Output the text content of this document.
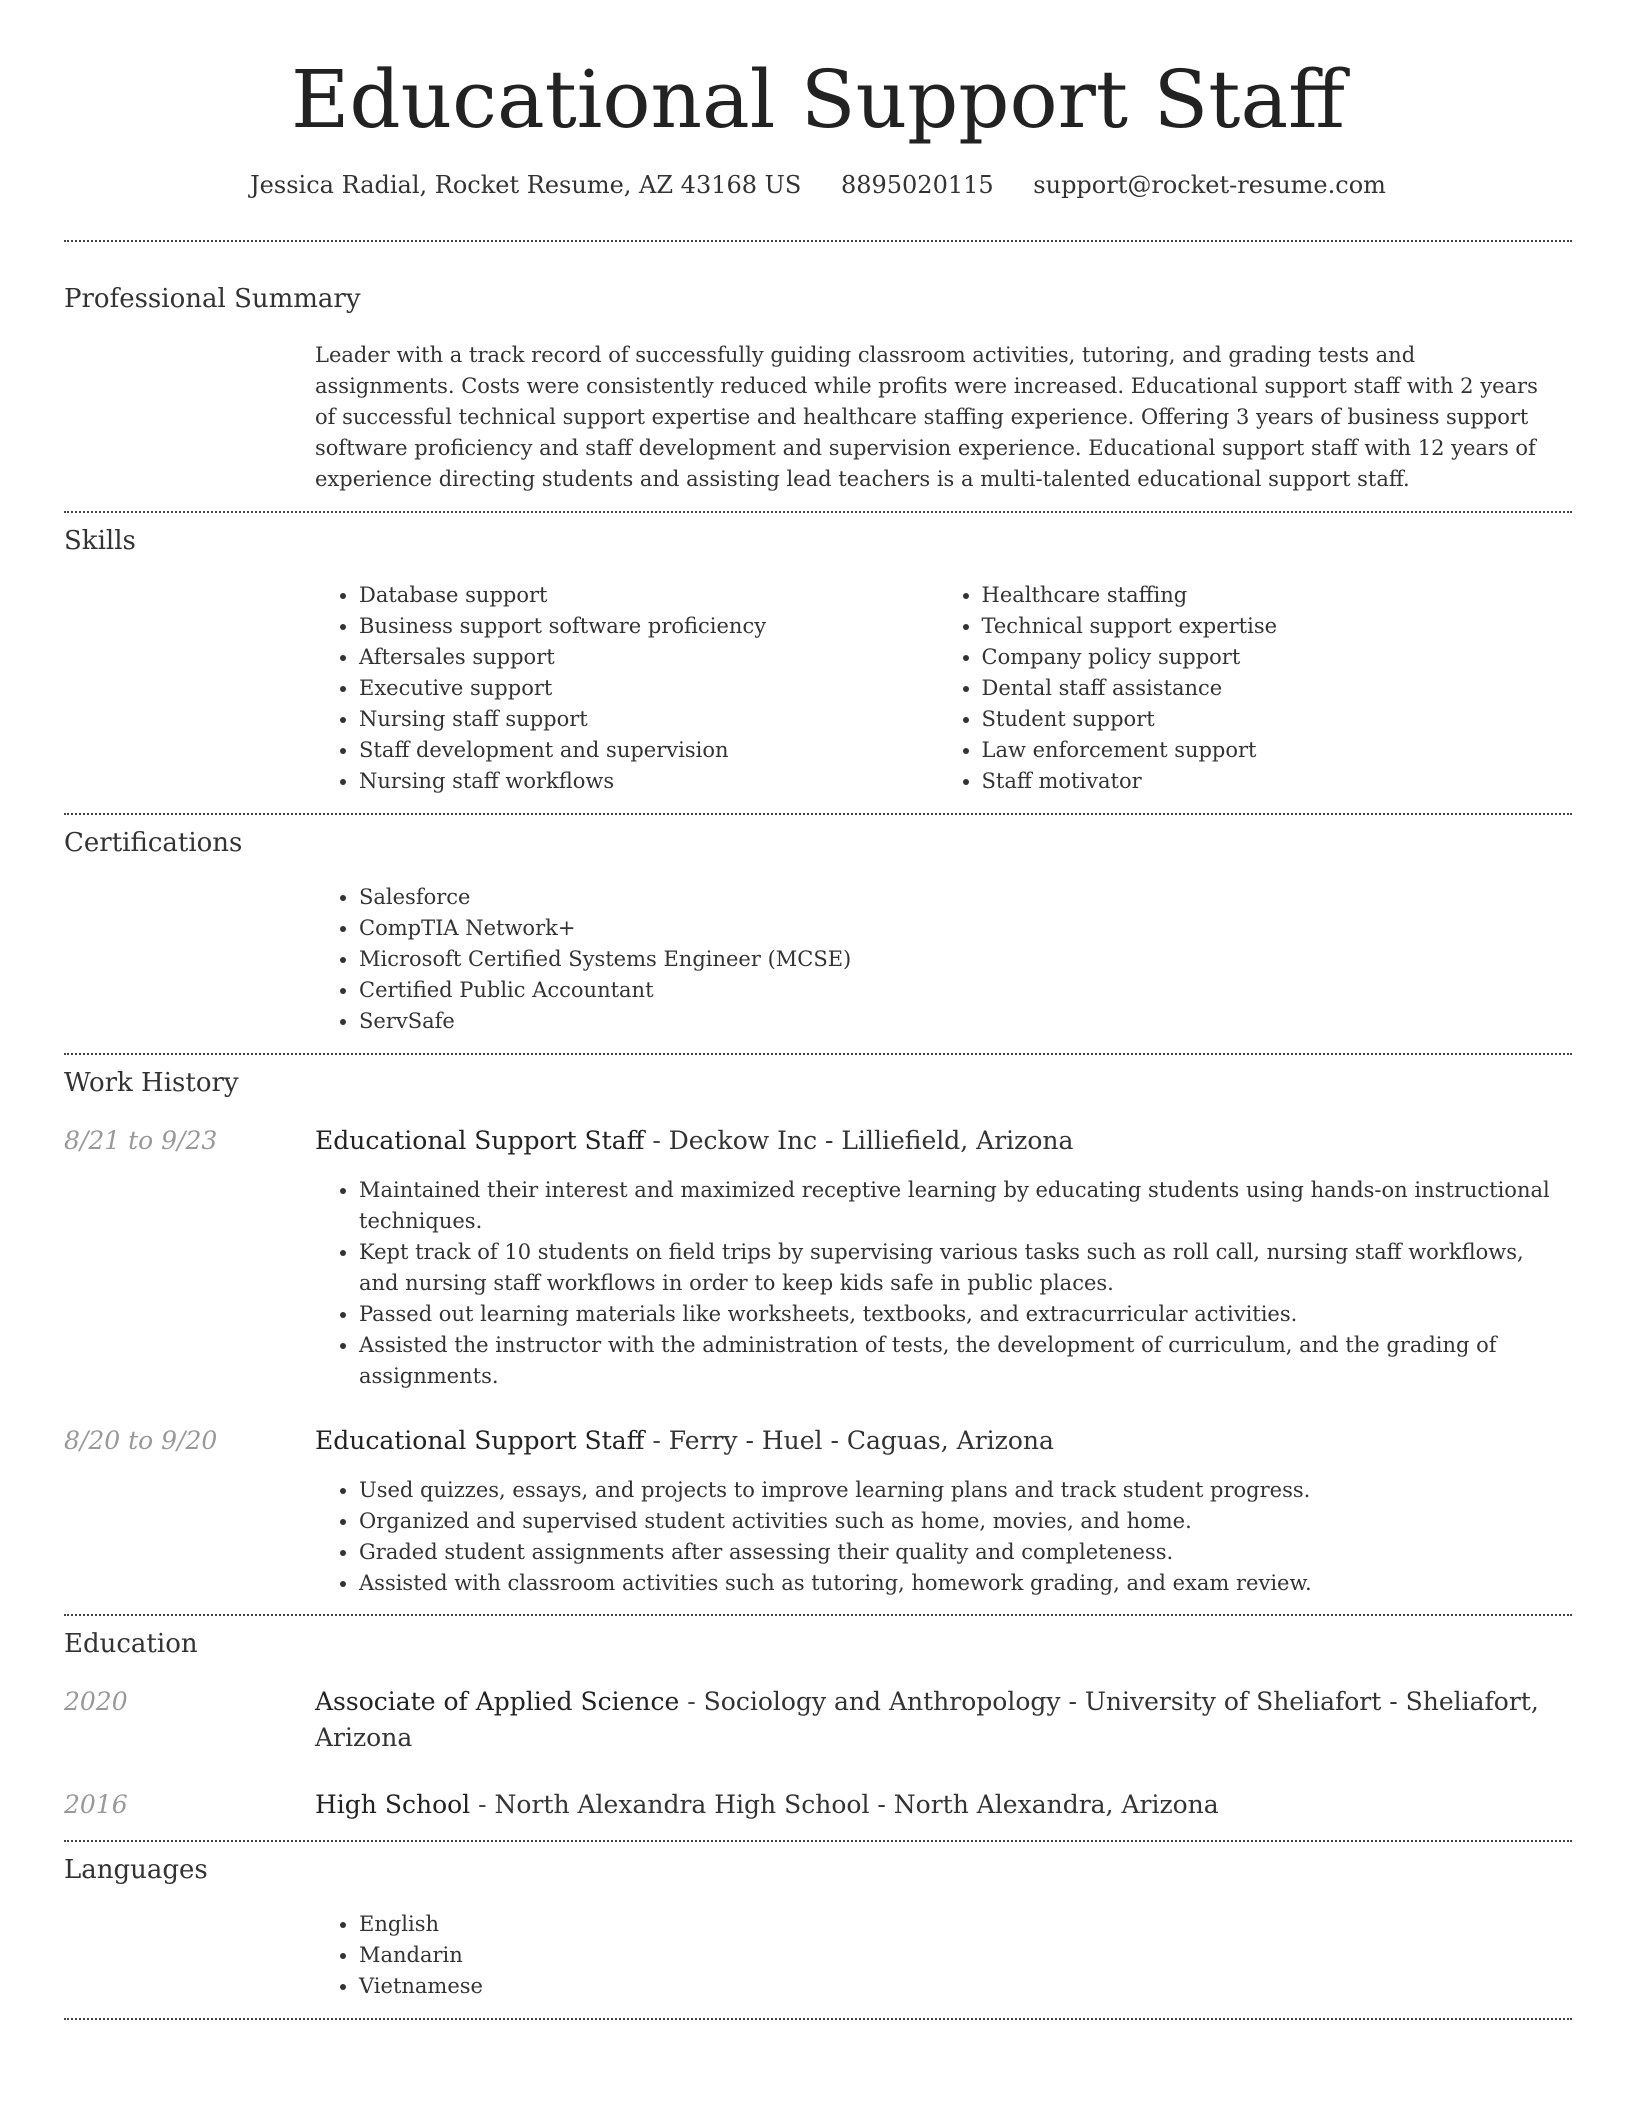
Educational Support Staff
Jessica Radial, Rocket Resume, AZ 43168 US 8895020115 support@rocket-resume.com
Professional Summary

Leader with a track record of successfully guiding classroom activities, tutoring, and grading tests and assignments. Costs were consistently reduced while profits were increased. Educational support staff with 2 years of successful technical support expertise and healthcare staffing experience. Offering 3 years of business support software proficiency and staff development and supervision experience. Educational support staff with 12 years of experience directing students and assisting lead teachers is a multi-talented educational support staff.

Skills
• Database support
• Business support software proficiency
• Aftersales support
• Executive support
• Nursing staff support
• Staff development and supervision
• Nursing staff workflows
• Healthcare staffing
• Technical support expertise
• Company policy support
• Dental staff assistance
• Student support
• Law enforcement support
• Staff motivator
Certifications
• Salesforce
• CompTIA Network+
• Microsoft Certified Systems Engineer (MCSE)
• Certified Public Accountant
• ServSafe
Work History
8/21 to 9/23	Educational Support Staff - Deckow Inc - Lilliefield, Arizona
• Maintained their interest and maximized receptive learning by educating students using hands-on instructional techniques.
• Kept track of 10 students on field trips by supervising various tasks such as roll call, nursing staff workflows, and nursing staff workflows in order to keep kids safe in public places.
• Passed out learning materials like worksheets, textbooks, and extracurricular activities.
• Assisted the instructor with the administration of tests, the development of curriculum, and the grading of assignments.
8/20 to 9/20	Educational Support Staff - Ferry - Huel - Caguas, Arizona
• Used quizzes, essays, and projects to improve learning plans and track student progress.
• Organized and supervised student activities such as home, movies, and home.
• Graded student assignments after assessing their quality and completeness.
• Assisted with classroom activities such as tutoring, homework grading, and exam review.
Education
2020	Associate of Applied Science - Sociology and Anthropology - University of Sheliafort - Sheliafort, Arizona
2016	High School - North Alexandra High School - North Alexandra, Arizona
Languages
• English
• Mandarin
• Vietnamese
